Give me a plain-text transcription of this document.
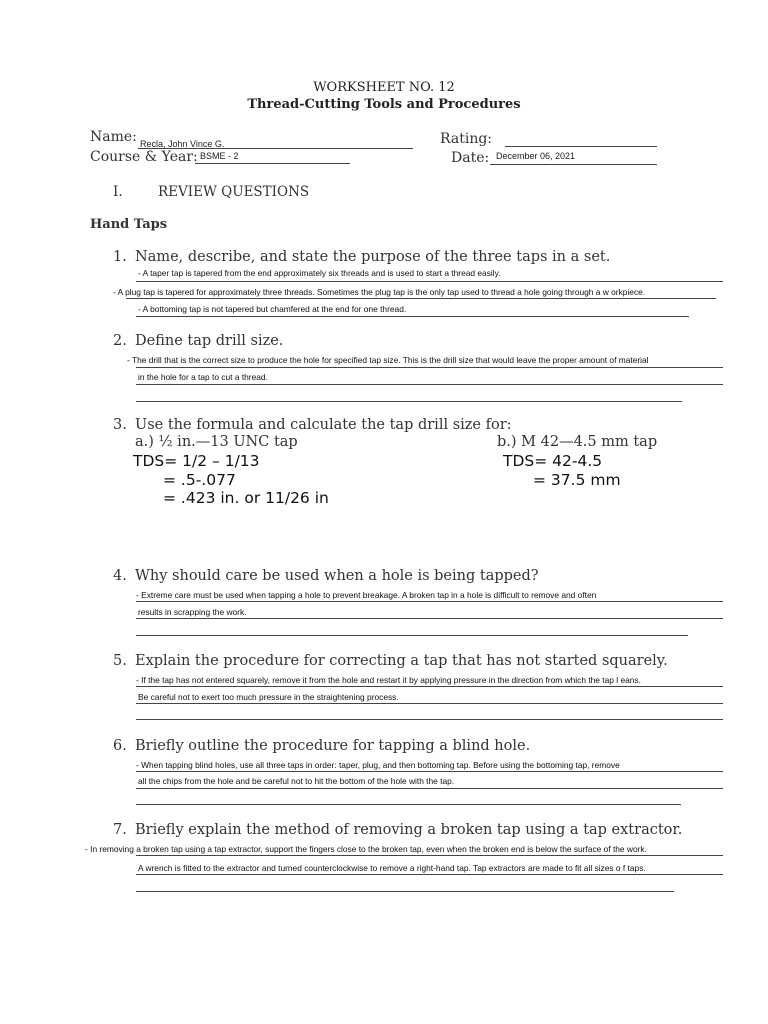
WORKSHEET NO. 12
Thread-Cutting Tools and Procedures
Name: Recla, John Vince G.
Course & Year: BSME - 2
Rating:
Date: December 06, 2021
I.	REVIEW QUESTIONS
Hand Taps
1. Name, describe, and state the purpose of the three taps in a set.
- A taper tap is tapered from the end approximately six threads and is used to start a thread easily.
- A plug tap is tapered for approximately three threads. Sometimes the plug tap is the only tap used to thread a hole going through a w orkpiece.
- A bottoming tap is not tapered but chamfered at the end for one thread.
2. Define tap drill size.
- The drill that is the correct size to produce the hole for specified tap size. This is the drill size that would leave the proper amount of material
in the hole for a tap to cut a thread.
3. Use the formula and calculate the tap drill size for:
a.) ½ in.—13 UNC tap	b.) M 42—4.5 mm tap
TDS= 1/2 – 1/13
= .5-.077
= .423 in. or 11/26 in
TDS= 42-4.5
= 37.5 mm
4. Why should care be used when a hole is being tapped?
- Extreme care must be used when tapping a hole to prevent breakage. A broken tap in a hole is difficult to remove and often
results in scrapping the work.
5. Explain the procedure for correcting a tap that has not started squarely.
- If the tap has not entered squarely, remove it from the hole and restart it by applying pressure in the direction from which the tap l eans.
Be careful not to exert too much pressure in the straightening process.
6. Briefly outline the procedure for tapping a blind hole.
- When tapping blind holes, use all three taps in order: taper, plug, and then bottoming tap. Before using the bottoming tap, remove
all the chips from the hole and be careful not to hit the bottom of the hole with the tap.
7. Briefly explain the method of removing a broken tap using a tap extractor.
- In removing a broken tap using a tap extractor, support the fingers close to the broken tap, even when the broken end is below the surface of the work.
A wrench is fitted to the extractor and turned counterclockwise to remove a right-hand tap. Tap extractors are made to fit all sizes o f taps.
